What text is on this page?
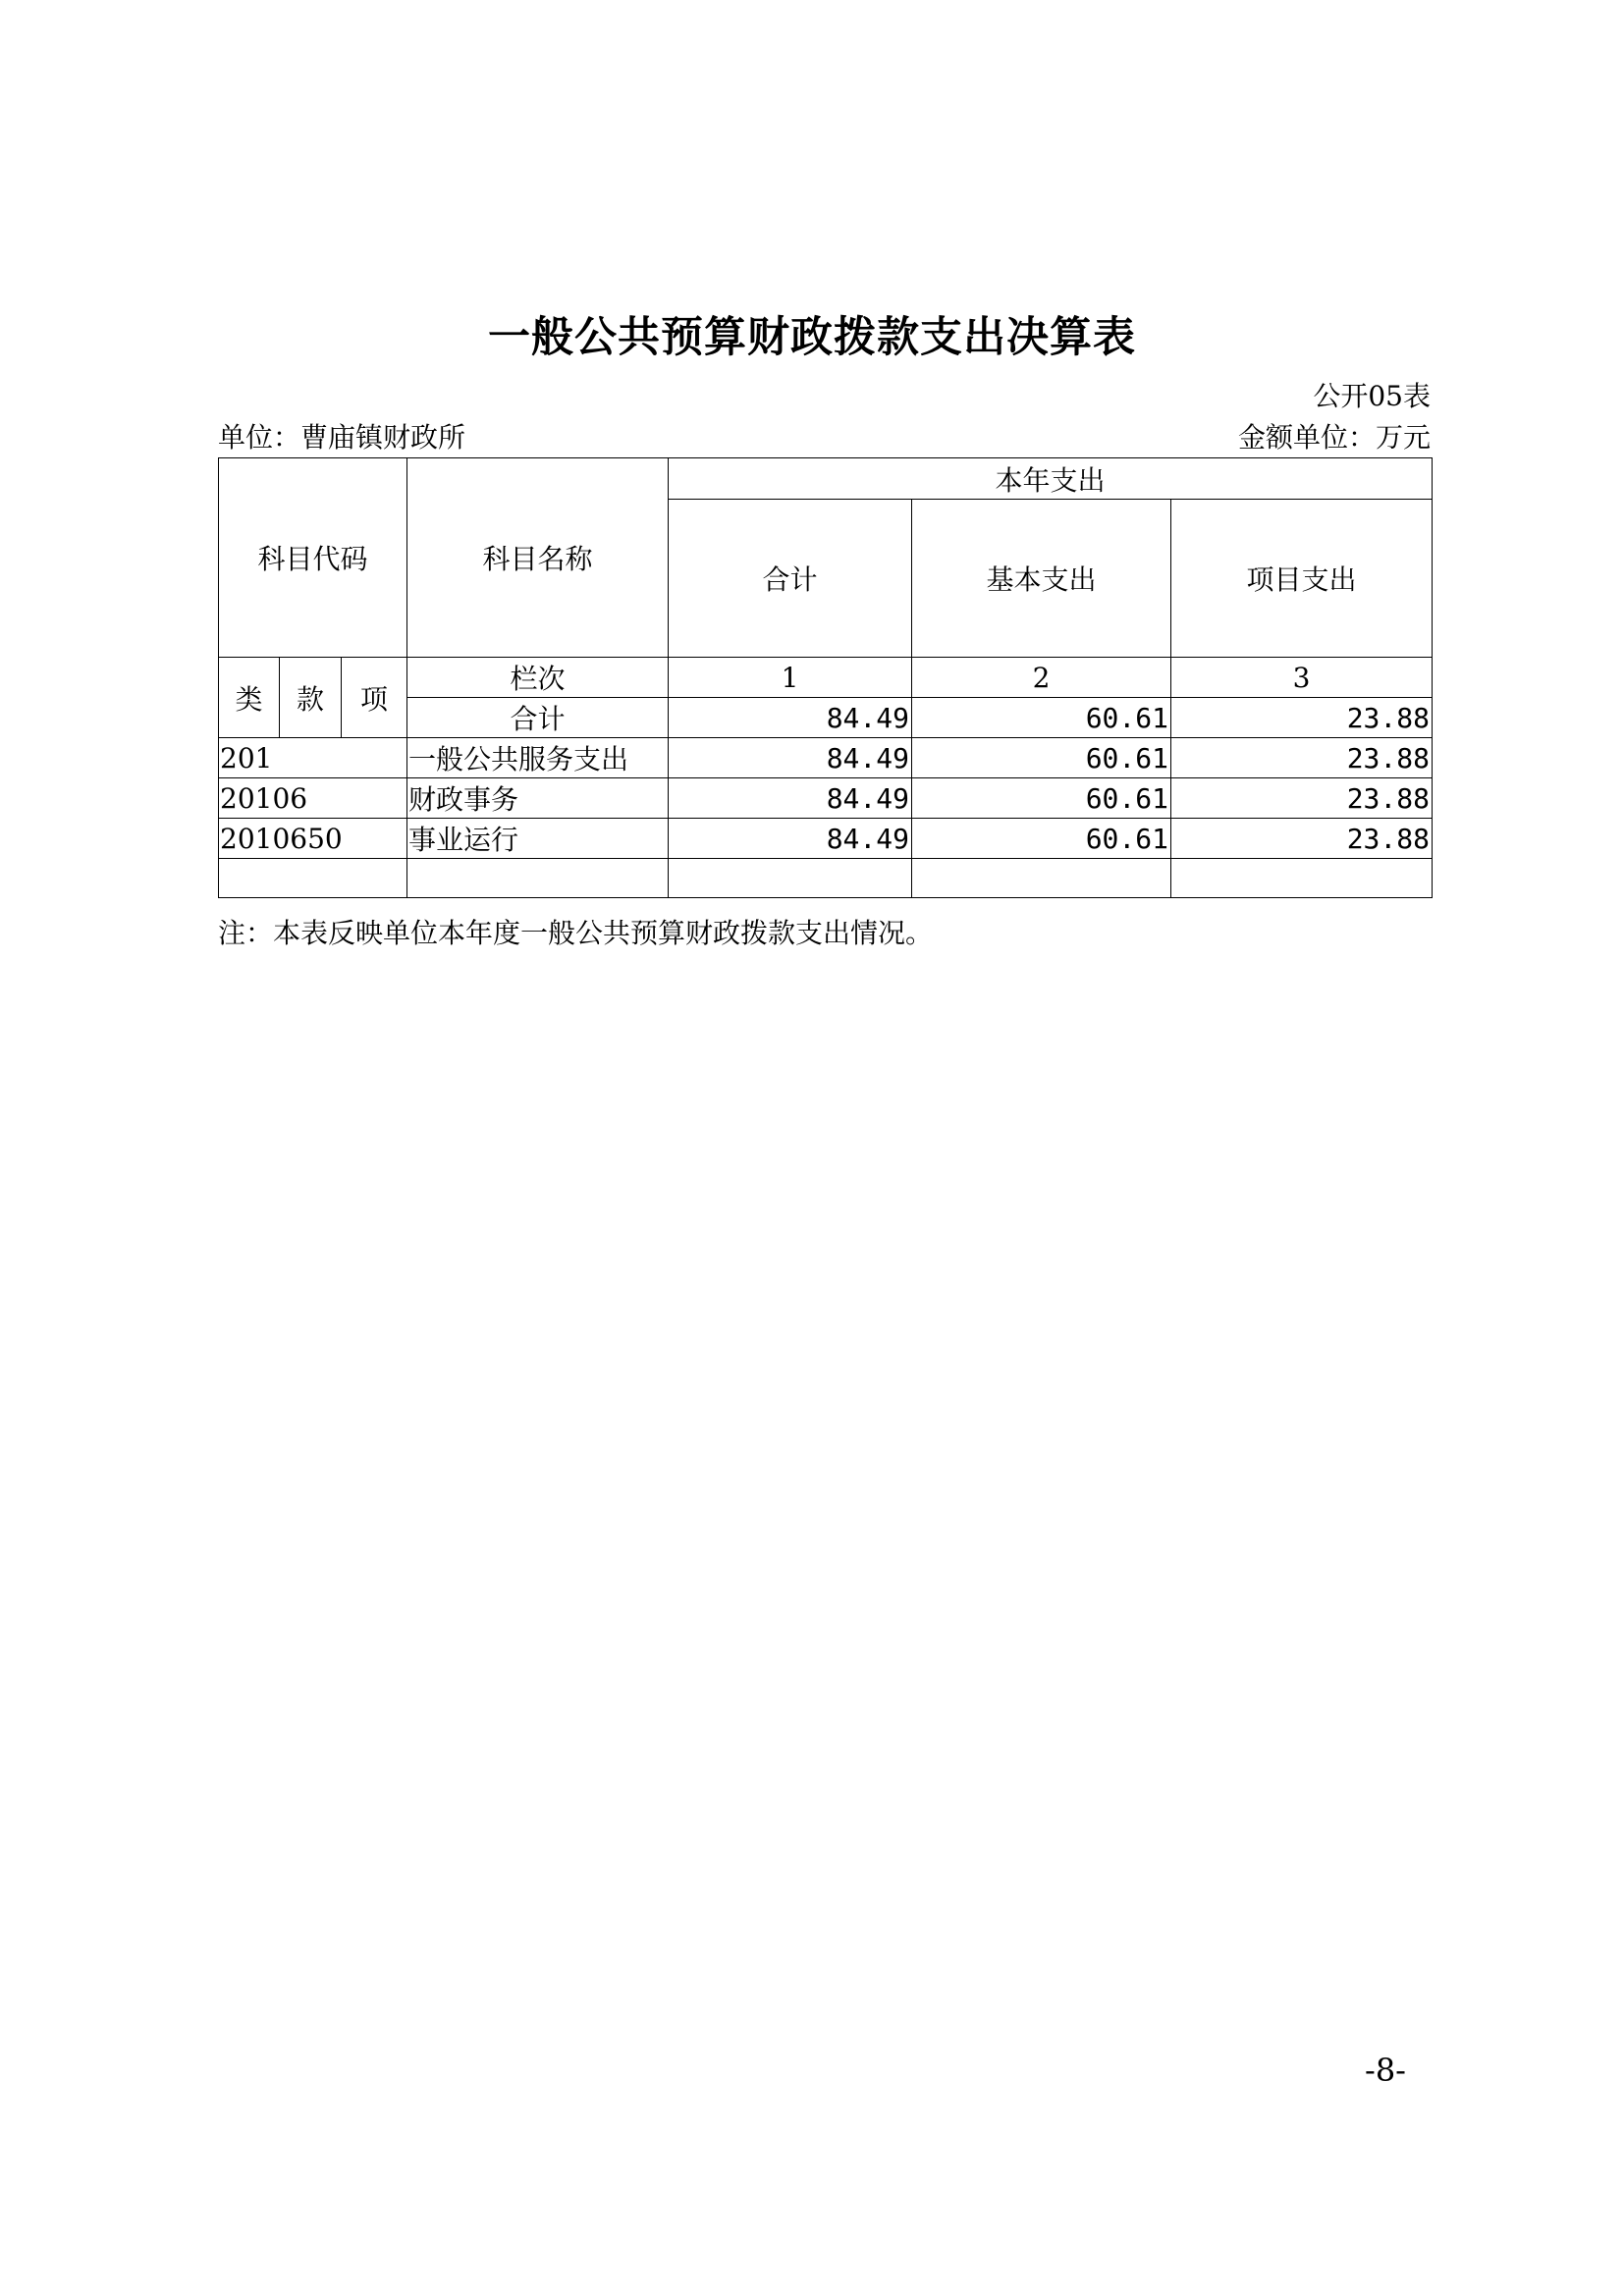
一般公共预算财政拨款支出决算表
公开05表
单位：曹庙镇财政所	金额单位：万元
科目代码			科目名称	本年支出		
				合计	基本支出	项目支出
类	款	项	栏次	1	2	3
			合计	84.49	60.61	23.88
201			一般公共服务支出	84.49	60.61	23.88
20106			财政事务	84.49	60.61	23.88
2010650			事业运行	84.49	60.61	23.88

注：本表反映单位本年度一般公共预算财政拨款支出情况。
-8-
